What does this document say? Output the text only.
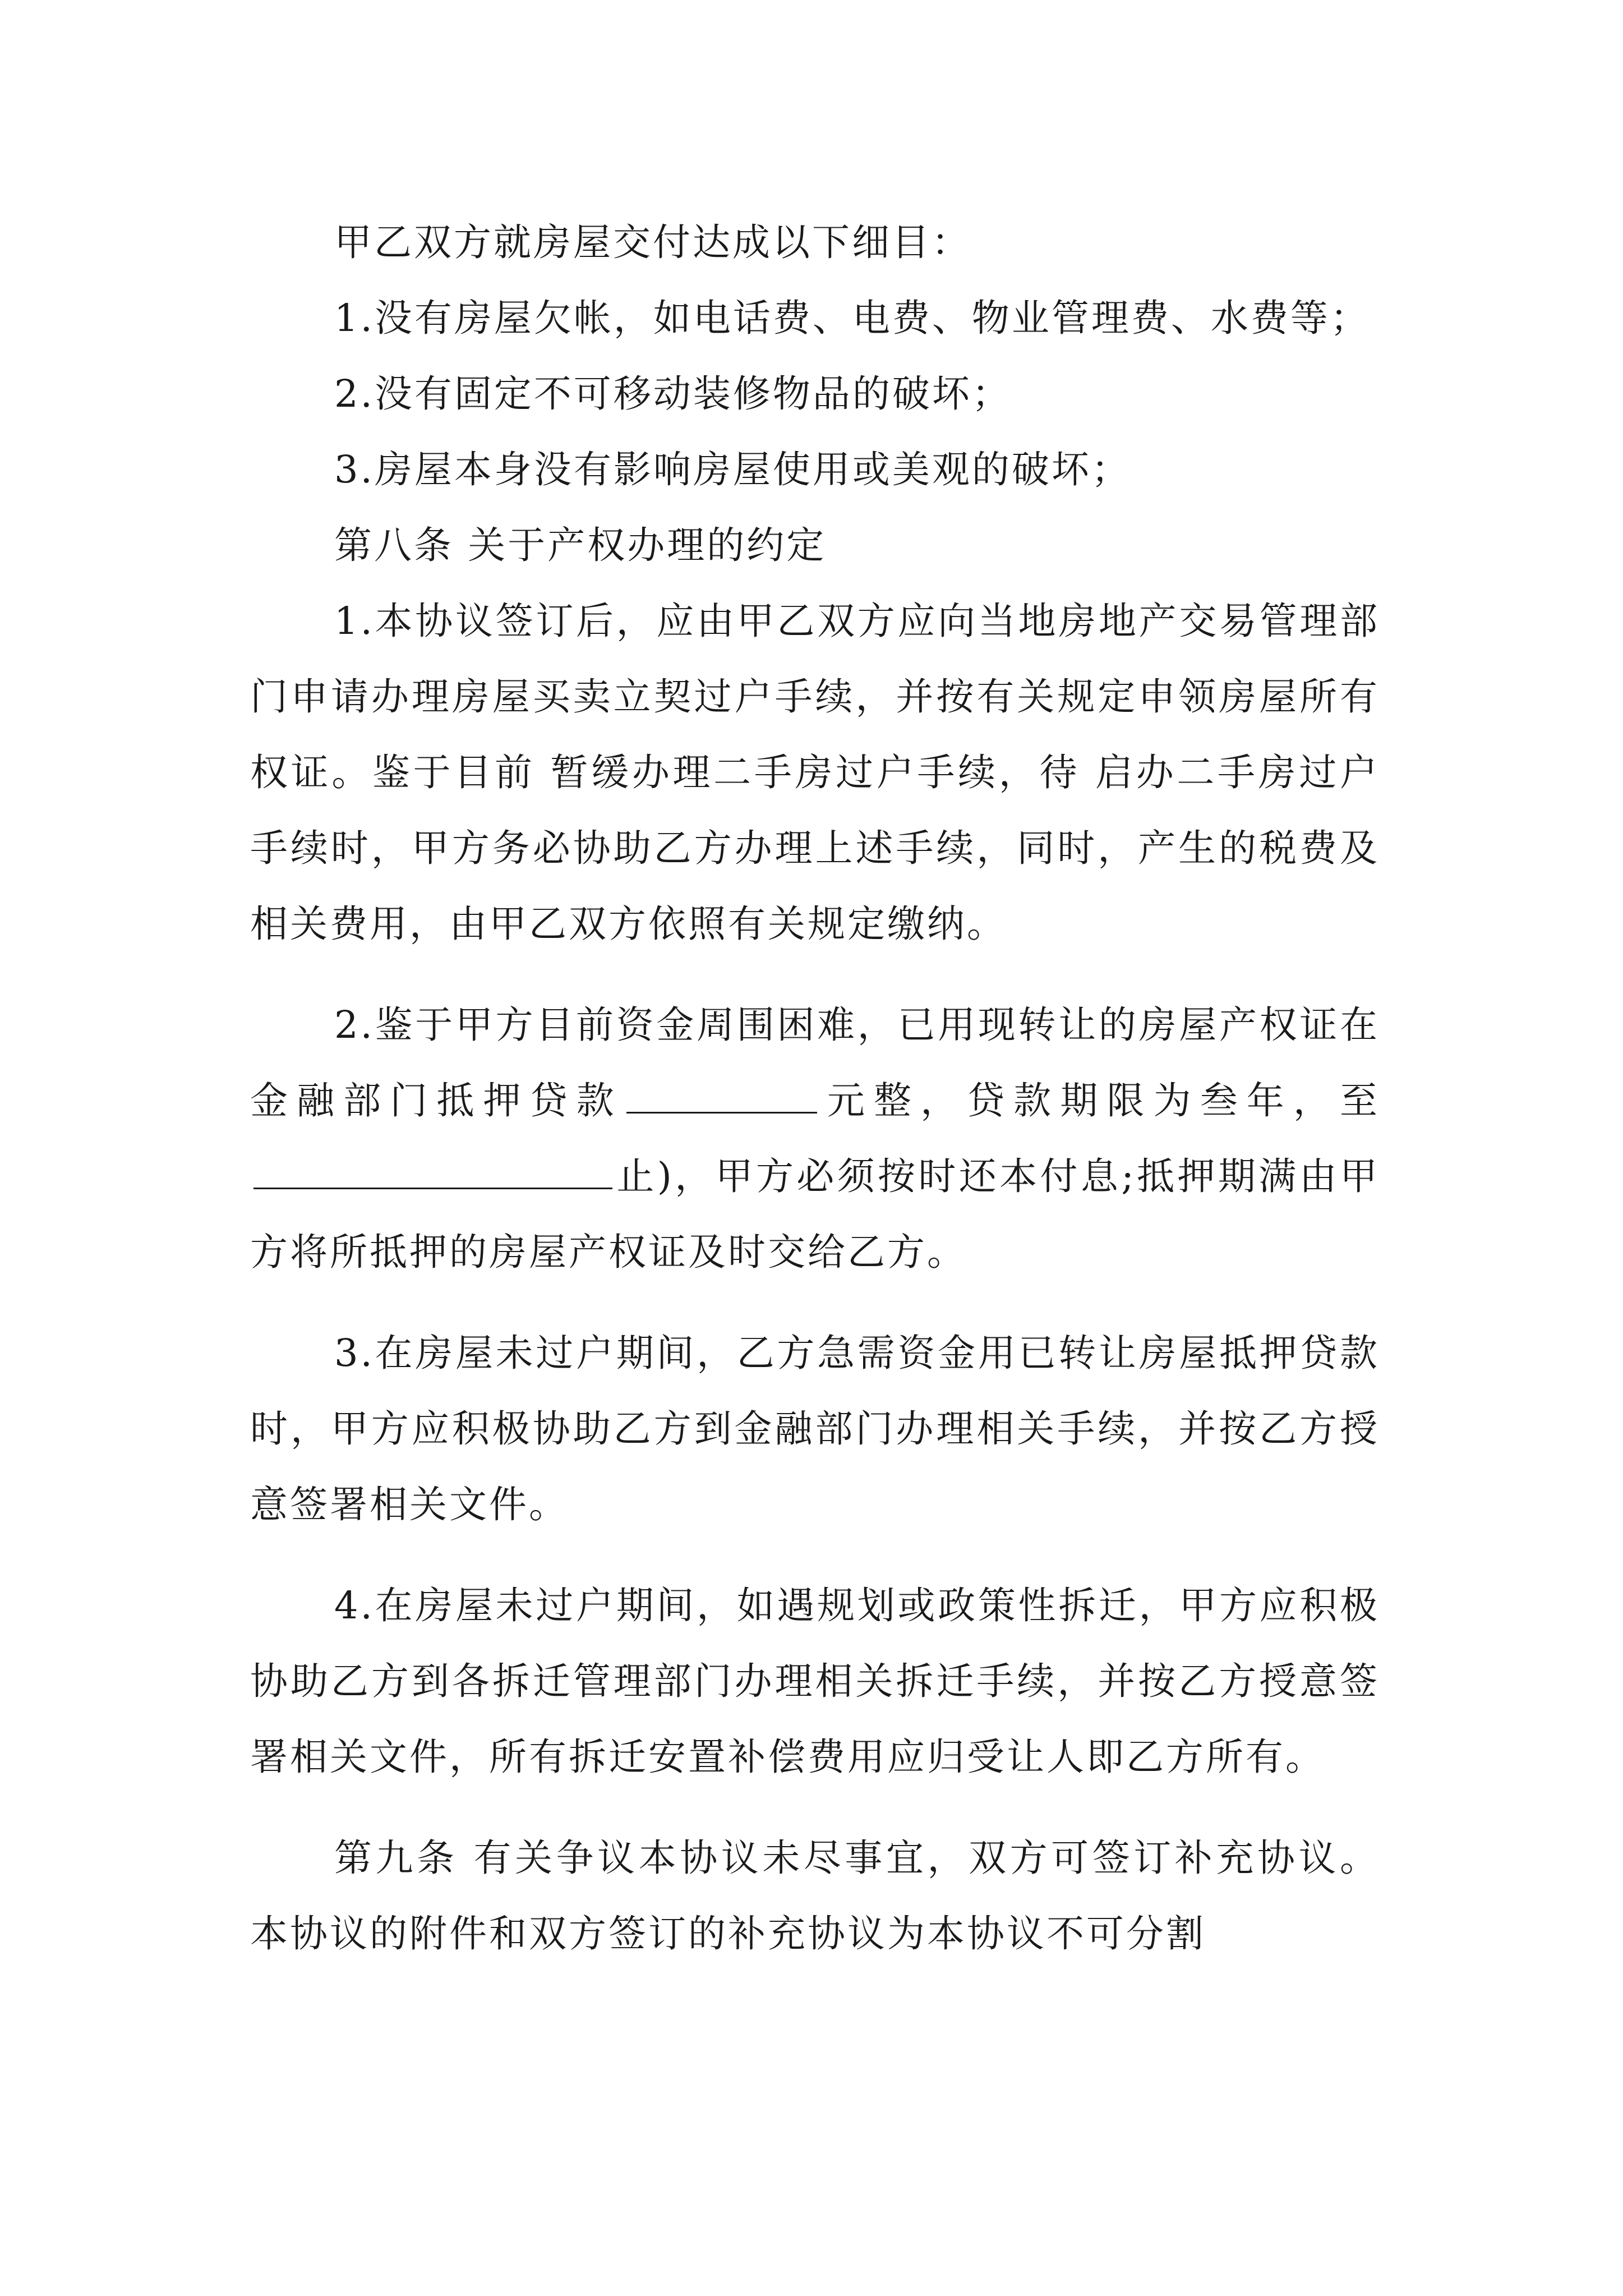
甲乙双方就房屋交付达成以下细目：

1.没有房屋欠帐，如电话费、电费、物业管理费、水费等；

2.没有固定不可移动装修物品的破坏；

3.房屋本身没有影响房屋使用或美观的破坏；

第八条 关于产权办理的约定

1.本协议签订后，应由甲乙双方应向当地房地产交易管理部门申请办理房屋买卖立契过户手续，并按有关规定申领房屋所有权证。鉴于目前 暂缓办理二手房过户手续，待 启办二手房过户手续时，甲方务必协助乙方办理上述手续，同时，产生的税费及相关费用，由甲乙双方依照有关规定缴纳。

2.鉴于甲方目前资金周围困难，已用现转让的房屋产权证在金融部门抵押贷款	元整，贷款期限为叁年，至止)，甲方必须按时还本付息;抵押期满由甲方将所抵押的房屋产权证及时交给乙方。

3.在房屋未过户期间，乙方急需资金用已转让房屋抵押贷款时，甲方应积极协助乙方到金融部门办理相关手续，并按乙方授意签署相关文件。

4.在房屋未过户期间，如遇规划或政策性拆迁，甲方应积极协助乙方到各拆迁管理部门办理相关拆迁手续，并按乙方授意签署相关文件，所有拆迁安置补偿费用应归受让人即乙方所有。

第九条 有关争议本协议未尽事宜，双方可签订补充协议。本协议的附件和双方签订的补充协议为本协议不可分割
